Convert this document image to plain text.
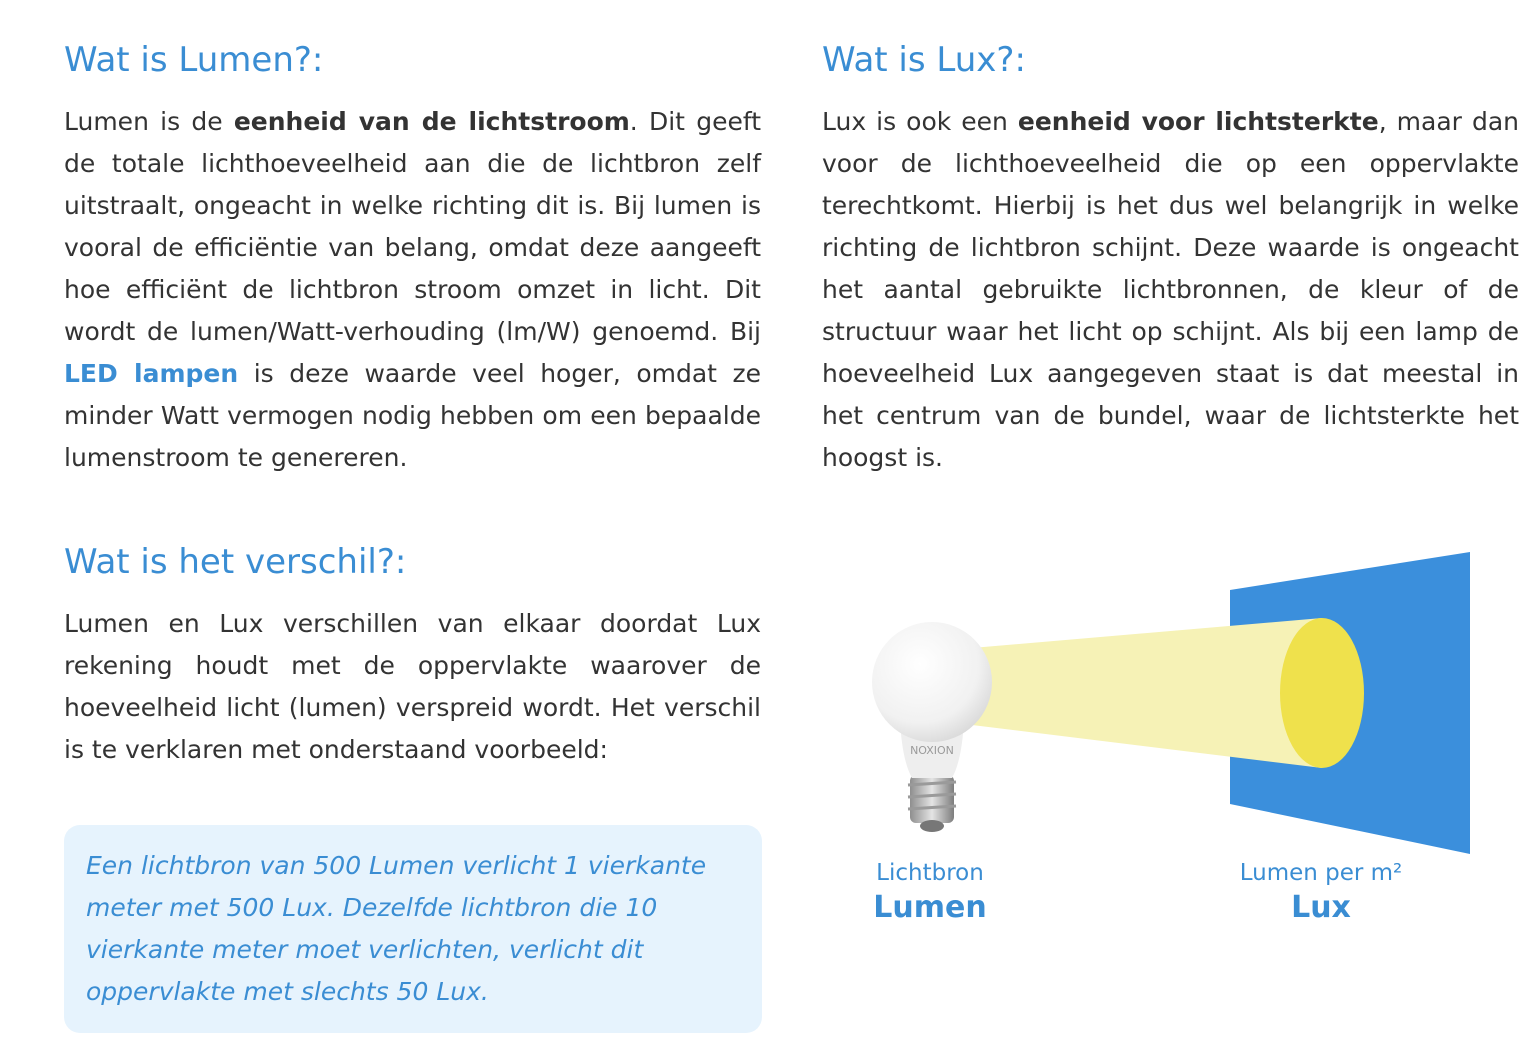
Wat is Lumen?:

Lumen is de eenheid van de lichtstroom. Dit geeft de totale lichthoeveelheid aan die de lichtbron zelf uitstraalt, ongeacht in welke richting dit is. Bij lumen is vooral de efficiëntie van belang, omdat deze aangeeft hoe efficiënt de lichtbron stroom omzet in licht. Dit wordt de lumen/Watt-verhouding (lm/W) genoemd. Bij LED lampen is deze waarde veel hoger, omdat ze minder Watt vermogen nodig hebben om een bepaalde lumenstroom te genereren.

Wat is Lux?:

Lux is ook een eenheid voor lichtsterkte, maar dan voor de lichthoeveelheid die op een oppervlakte terechtkomt. Hierbij is het dus wel belangrijk in welke richting de lichtbron schijnt. Deze waarde is ongeacht het aantal gebruikte lichtbronnen, de kleur of de structuur waar het licht op schijnt. Als bij een lamp de hoeveelheid Lux aangegeven staat is dat meestal in het centrum van de bundel, waar de lichtsterkte het hoogst is.

Wat is het verschil?:

Lumen en Lux verschillen van elkaar doordat Lux rekening houdt met de oppervlakte waarover de hoeveelheid licht (lumen) verspreid wordt. Het verschil is te verklaren met onderstaand voorbeeld:

Een lichtbron van 500 Lumen verlicht 1 vierkante meter met 500 Lux. Dezelfde lichtbron die 10 vierkante meter moet verlichten, verlicht dit oppervlakte met slechts 50 Lux.

NOXION
Lichtbron
Lumen
Lumen per m²
Lux
